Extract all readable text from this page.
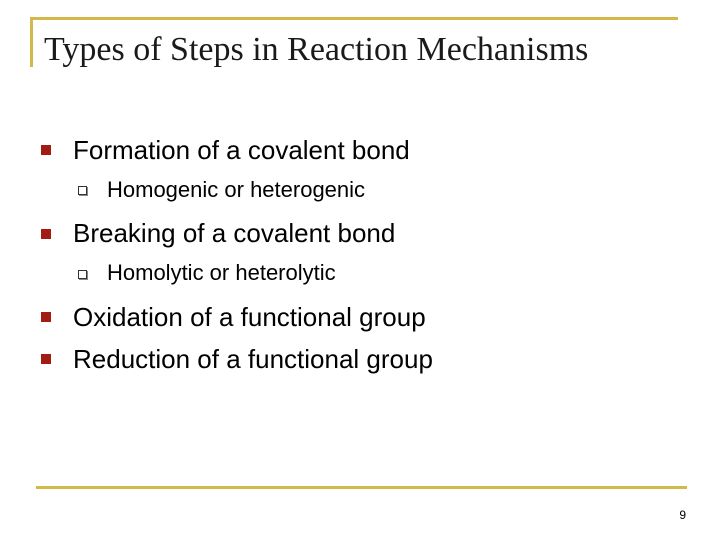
Types of Steps in Reaction Mechanisms
Formation of a covalent bond
Homogenic or heterogenic
Breaking of a covalent bond
Homolytic or heterolytic
Oxidation of a functional group
Reduction of a functional group
9
